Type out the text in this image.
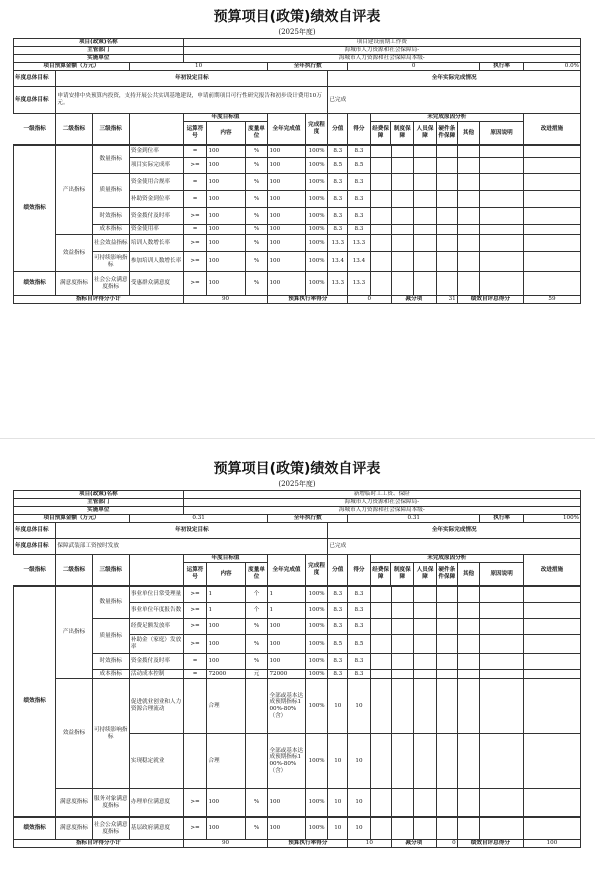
预算项目(政策)绩效自评表
(2025年度)
项目(政策)名称				项目建设前期工作费													
主管部门				海城市人力资源和社会保障局-													
实施单位				海城市人力资源和社会保障局本级-													
项目预算金额（万元）			10				全年执行数			0						执行率	0.0%
年度总体目标	年初设定目标								全年实际完成情况								
年度总体目标	申请安排中央预算内投资，支持开展公共实训基地建设，申请前期项目可行性研究报告和初步设计费用10万元。								已完成								
一级指标	二级指标	三级指标		年度目标值			全年完成值	完成程度	分值	得分	未完成原因分析						改进措施
				运算符号	内容	度量单位					经费保障	制度保障	人员保障	硬件条件保障	其他	原因说明	
绩效指标	产出指标	数量指标	资金到位率	=	100	%	100	100%	8.3	8.3							
			项目实际完成率	>=	100	%	100	100%	8.5	8.5							
		质量指标	资金使用合规率	=	100	%	100	100%	8.3	8.3							
			补助资金到位率	=	100	%	100	100%	8.3	8.3							
		时效指标	资金拨付及时率	>=	100	%	100	100%	8.3	8.3							
		成本指标	资金使用率	=	100	%	100	100%	8.3	8.3							
	效益指标	社会效益指标	培训人数增长率	>=	100	%	100	100%	13.3	13.3							
		可持续影响指标	参加培训人数增长率	>=	100	%	100	100%	13.4	13.4							
绩效指标	满意度指标	社会公众满意度指标	受惠群众满意度	>=	100	%	100	100%	13.3	13.3							
指标自评得分小计				90			预算执行率得分			0		减分项		31	绩效自评总得分		59
预算项目(政策)绩效自评表
(2025年度)
项目(政策)名称				新增临时工工资、保险													
主管部门				海城市人力资源和社会保障局-													
实施单位				海城市人力资源和社会保障局本级-													
项目预算金额（万元）			0.31				全年执行数			0.31						执行率	100%
年度总体目标	年初设定目标								全年实际完成情况								
年度总体目标	保障武装部工资按时发放								已完成								
一级指标	二级指标	三级指标		年度目标值			全年完成值	完成程度	分值	得分	未完成原因分析						改进措施
				运算符号	内容	度量单位					经费保障	制度保障	人员保障	硬件条件保障	其他	原因说明	
绩效指标	产出指标	数量指标	事业单位日常受理量	>=	1	个	1	100%	8.3	8.3							
			事业单位年度报告数	>=	1	个	1	100%	8.3	8.3							
		质量指标	经费足额发放率	>=	100	%	100	100%	8.3	8.3							
			补助金（家庭）发放率	>=	100	%	100	100%	8.5	8.5							
		时效指标	资金拨付及时率	=	100	%	100	100%	8.3	8.3							
		成本指标	活动成本控制	=	72000	元	72000	100%	8.3	8.3							
	效益指标	可持续影响指标	促进就业创业和人力资源合理流动		合理		全部或基本达成预期指标100%-80%（含）	100%	10	10							
			实现稳定就业		合理		全部或基本达成预期指标100%-80%（含）	100%	10	10							
	满意度指标	服务对象满意度指标	办理单位满意度	>=	100	%	100	100%	10	10							
绩效指标	满意度指标	社会公众满意度指标	基层政府满意度	>=	100	%	100	100%	10	10							
指标自评得分小计				90			预算执行率得分			10		减分项		0	绩效自评总得分		100
